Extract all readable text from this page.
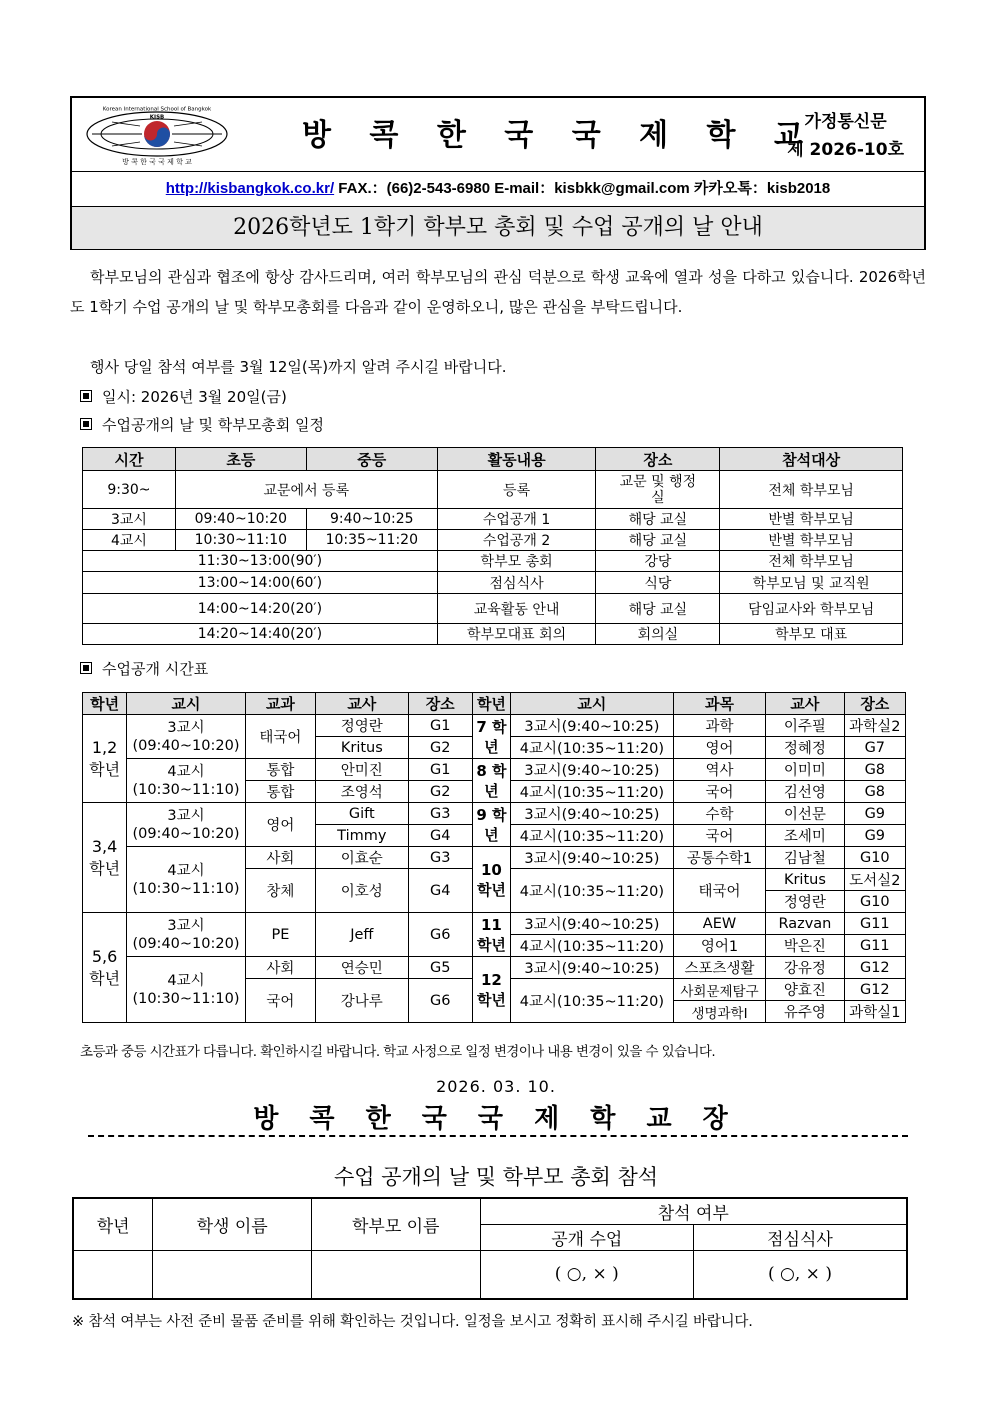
Korean International School of Bangkok
KISB
방 콕 한 국 국 제 학 교
방 콕 한 국 국 제 학 교
가정통신문
제 2026-10호
http://kisbangkok.co.kr/ FAX.：(66)2-543-6980 E-mail：kisbkk@gmail.com 카카오톡：kisb2018
2026학년도 1학기 학부모 총회 및 수업 공개의 날 안내
학부모님의 관심과 협조에 항상 감사드리며, 여러 학부모님의 관심 덕분으로 학생 교육에 열과 성을 다하고 있습니다. 2026학년도 1학기 수업 공개의 날 및 학부모총회를 다음과 같이 운영하오니, 많은 관심을 부탁드립니다.
행사 당일 참석 여부를 3월 12일(목)까지 알려 주시길 바랍니다.
일시: 2026년 3월 20일(금)
수업공개의 날 및 학부모총회 일정
시간	초등	중등	활동내용	장소	참석대상
9:30~	교문에서 등록		등록	교문 및 행정실	전체 학부모님
3교시	09:40~10:20	9:40~10:25	수업공개 1	해당 교실	반별 학부모님
4교시	10:30~11:10	10:35~11:20	수업공개 2	해당 교실	반별 학부모님
11:30~13:00(90′)			학부모 총회	강당	전체 학부모님
13:00~14:00(60′)			점심식사	식당	학부모님 및 교직원
14:00~14:20(20′)			교육활동 안내	해당 교실	담임교사와 학부모님
14:20~14:40(20′)			학부모대표 회의	회의실	학부모 대표
수업공개 시간표
학년	교시	교과	교사	장소	학년	교시	과목	교사	장소
1,2 학년	3교시 (09:40~10:20)	태국어	정영란	G1	7 학년	3교시(9:40~10:25)	과학	이주필	과학실2
			Kritus	G2		4교시(10:35~11:20)	영어	정혜정	G7
	4교시 (10:30~11:10)	통합	안미진	G1	8 학년	3교시(9:40~10:25)	역사	이미미	G8
		통합	조영석	G2		4교시(10:35~11:20)	국어	김선영	G8
3,4 학년	3교시 (09:40~10:20)	영어	Gift	G3	9 학년	3교시(9:40~10:25)	수학	이선문	G9
			Timmy	G4		4교시(10:35~11:20)	국어	조세미	G9
	4교시 (10:30~11:10)	사회	이효순	G3	10 학년	3교시(9:40~10:25)	공통수학1	김남철	G10
		창체	이호성	G4		4교시(10:35~11:20)	태국어	Kritus	도서실2
								정영란	G10
5,6 학년	3교시 (09:40~10:20)	PE	Jeff	G6	11 학년	3교시(9:40~10:25)	AEW	Razvan	G11
						4교시(10:35~11:20)	영어1	박은진	G11
	4교시 (10:30~11:10)	사회	연승민	G5	12 학년	3교시(9:40~10:25)	스포츠생활	강유정	G12
		국어	강나루	G6		4교시(10:35~11:20)	사회문제탐구	양효진	G12
							생명과학Ⅰ	유주영	과학실1
초등과 중등 시간표가 다릅니다. 확인하시길 바랍니다. 학교 사정으로 일정 변경이나 내용 변경이 있을 수 있습니다.
2026. 03. 10.
방 콕 한 국 국 제 학 교 장
수업 공개의 날 및 학부모 총회 참석
학년	학생 이름	학부모 이름	참석 여부	
			공개 수업	점심식사
			( ○, × )	( ○, × )
※ 참석 여부는 사전 준비 물품 준비를 위해 확인하는 것입니다. 일정을 보시고 정확히 표시해 주시길 바랍니다.
